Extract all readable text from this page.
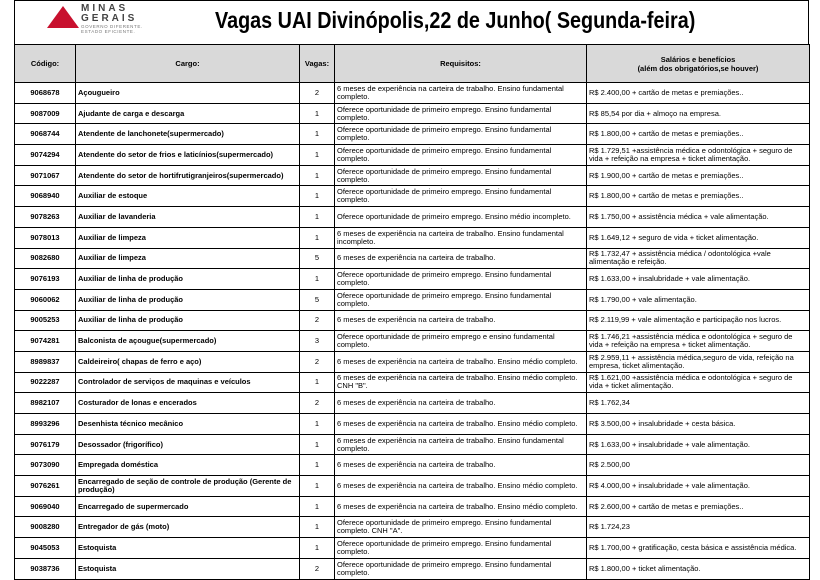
MINAS
GERAIS
GOVERNO DIFERENTE.
ESTADO EFICIENTE.	Vagas UAI Divinópolis,22 de Junho( Segunda-feira)
Código:	Cargo:	Vagas:	Requisitos:	Salários e benefícios
(além dos obrigatórios,se houver)

9068678	Açougueiro	2	6 meses de experiência na carteira de trabalho. Ensino fundamental completo.	R$ 2.400,00 + cartão de metas e premiações..
9087009	Ajudante de carga e descarga	1	Oferece oportunidade de primeiro emprego. Ensino fundamental completo.	R$ 85,54 por dia + almoço na empresa.
9068744	Atendente de lanchonete(supermercado)	1	Oferece oportunidade de primeiro emprego. Ensino fundamental completo.	R$ 1.800,00 + cartão de metas e premiações..
9074294	Atendente do setor de frios e laticínios(supermercado)	1	Oferece oportunidade de primeiro emprego. Ensino fundamental completo.	R$ 1.729,51 +assistência médica e odontológica + seguro de vida + refeição na empresa + ticket alimentação.
9071067	Atendente do setor de hortifrutigranjeiros(supermercado)	1	Oferece oportunidade de primeiro emprego. Ensino fundamental completo.	R$ 1.900,00 + cartão de metas e premiações..
9068940	Auxiliar de estoque	1	Oferece oportunidade de primeiro emprego. Ensino fundamental completo.	R$ 1.800,00 + cartão de metas e premiações..
9078263	Auxiliar de lavanderia	1	Oferece oportunidade de primeiro emprego. Ensino médio incompleto.	R$ 1.750,00 + assistência médica + vale alimentação.
9078013	Auxiliar de limpeza	1	6 meses de experiência na carteira de trabalho. Ensino fundamental incompleto.	R$ 1.649,12 + seguro de vida + ticket alimentação.
9082680	Auxiliar de limpeza	5	6 meses de experiência na carteira de trabalho.	R$ 1.732,47 + assistência médica / odontológica +vale alimentação e refeição.
9076193	Auxiliar de linha de produção	1	Oferece oportunidade de primeiro emprego. Ensino fundamental completo.	R$ 1.633,00 + insalubridade + vale alimentação.
9060062	Auxiliar de linha de produção	5	Oferece oportunidade de primeiro emprego. Ensino fundamental completo.	R$ 1.790,00 + vale alimentação.
9005253	Auxiliar de linha de produção	2	6 meses de experiência na carteira de trabalho.	R$ 2.119,99 + vale alimentação e participação nos lucros.
9074281	Balconista de açougue(supermercado)	3	Oferece oportunidade de primeiro emprego e ensino fundamental completo.	R$ 1.746,21 +assistência médica e odontológica + seguro de vida + refeição na empresa + ticket alimentação.
8989837	Caldeireiro( chapas de ferro e aço)	2	6 meses de experiência na carteira de trabalho. Ensino médio completo.	R$ 2.959,11 + assistência médica,seguro de vida, refeição na empresa, ticket alimentação.
9022287	Controlador de serviços de maquinas e veículos	1	6 meses de experiência na carteira de trabalho. Ensino médio completo. CNH "B".	R$ 1.621,00 +assistência médica e odontológica + seguro de vida + ticket alimentação.
8982107	Costurador de lonas e encerados	2	6 meses de experiência na carteira de trabalho.	R$ 1.762,34
8993296	Desenhista técnico mecânico	1	6 meses de experiência na carteira de trabalho. Ensino médio completo.	R$ 3.500,00 + insalubridade + cesta básica.
9076179	Desossador (frigorífico)	1	6 meses de experiência na carteira de trabalho. Ensino fundamental completo.	R$ 1.633,00 + insalubridade + vale alimentação.
9073090	Empregada doméstica	1	6 meses de experiência na carteira de trabalho.	R$ 2.500,00
9076261	Encarregado de seção de controle de produção (Gerente de produção)	1	6 meses de experiência na carteira de trabalho. Ensino médio completo.	R$ 4.000,00 + insalubridade + vale alimentação.
9069040	Encarregado de supermercado	1	6 meses de experiência na carteira de trabalho. Ensino médio completo.	R$ 2.600,00 + cartão de metas e premiações..
9008280	Entregador de gás (moto)	1	Oferece oportunidade de primeiro emprego. Ensino fundamental completo. CNH "A".	R$ 1.724,23
9045053	Estoquista	1	Oferece oportunidade de primeiro emprego. Ensino fundamental completo.	R$ 1.700,00 + gratificação, cesta básica e assistência médica.
9038736	Estoquista	2	Oferece oportunidade de primeiro emprego. Ensino fundamental completo.	R$ 1.800,00 + ticket alimentação.
